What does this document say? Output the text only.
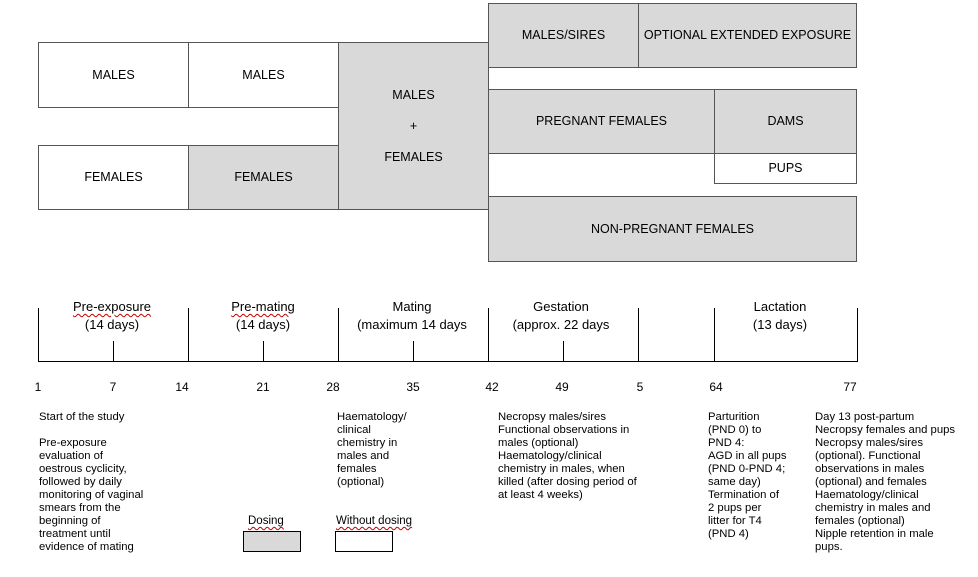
MALES	MALES
MALES
+
FEMALES
FEMALES	FEMALES
MALES/SIRES	OPTIONAL EXTENDED EXPOSURE
PREGNANT FEMALES	DAMS
PUPS
NON-PREGNANT FEMALES
Pre-exposure
(14 days)
Pre-mating
(14 days)
Mating
(maximum 14 days
Gestation
(approx. 22 days
Lactation
(13 days)
1	7	14	21	28	35	42	49	5	64	77
Start of the study
Pre-exposure
evaluation of
oestrous cyclicity,
followed by daily
monitoring of vaginal
smears from the
beginning of
treatment until
evidence of mating
Haematology/
clinical
chemistry in
males and
females
(optional)
Necropsy males/sires
Functional observations in
males (optional)
Haematology/clinical
chemistry in males, when
killed (after dosing period of
at least 4 weeks)
Parturition
(PND 0) to
PND 4:
AGD in all pups
(PND 0-PND 4;
same day)
Termination of
2 pups per
litter for T4
(PND 4)
Day 13 post-partum
Necropsy females and pups
Necropsy males/sires
(optional). Functional
observations in males
(optional) and females
Haematology/clinical
chemistry in males and
females (optional)
Nipple retention in male
pups.
Dosing	Without dosing
